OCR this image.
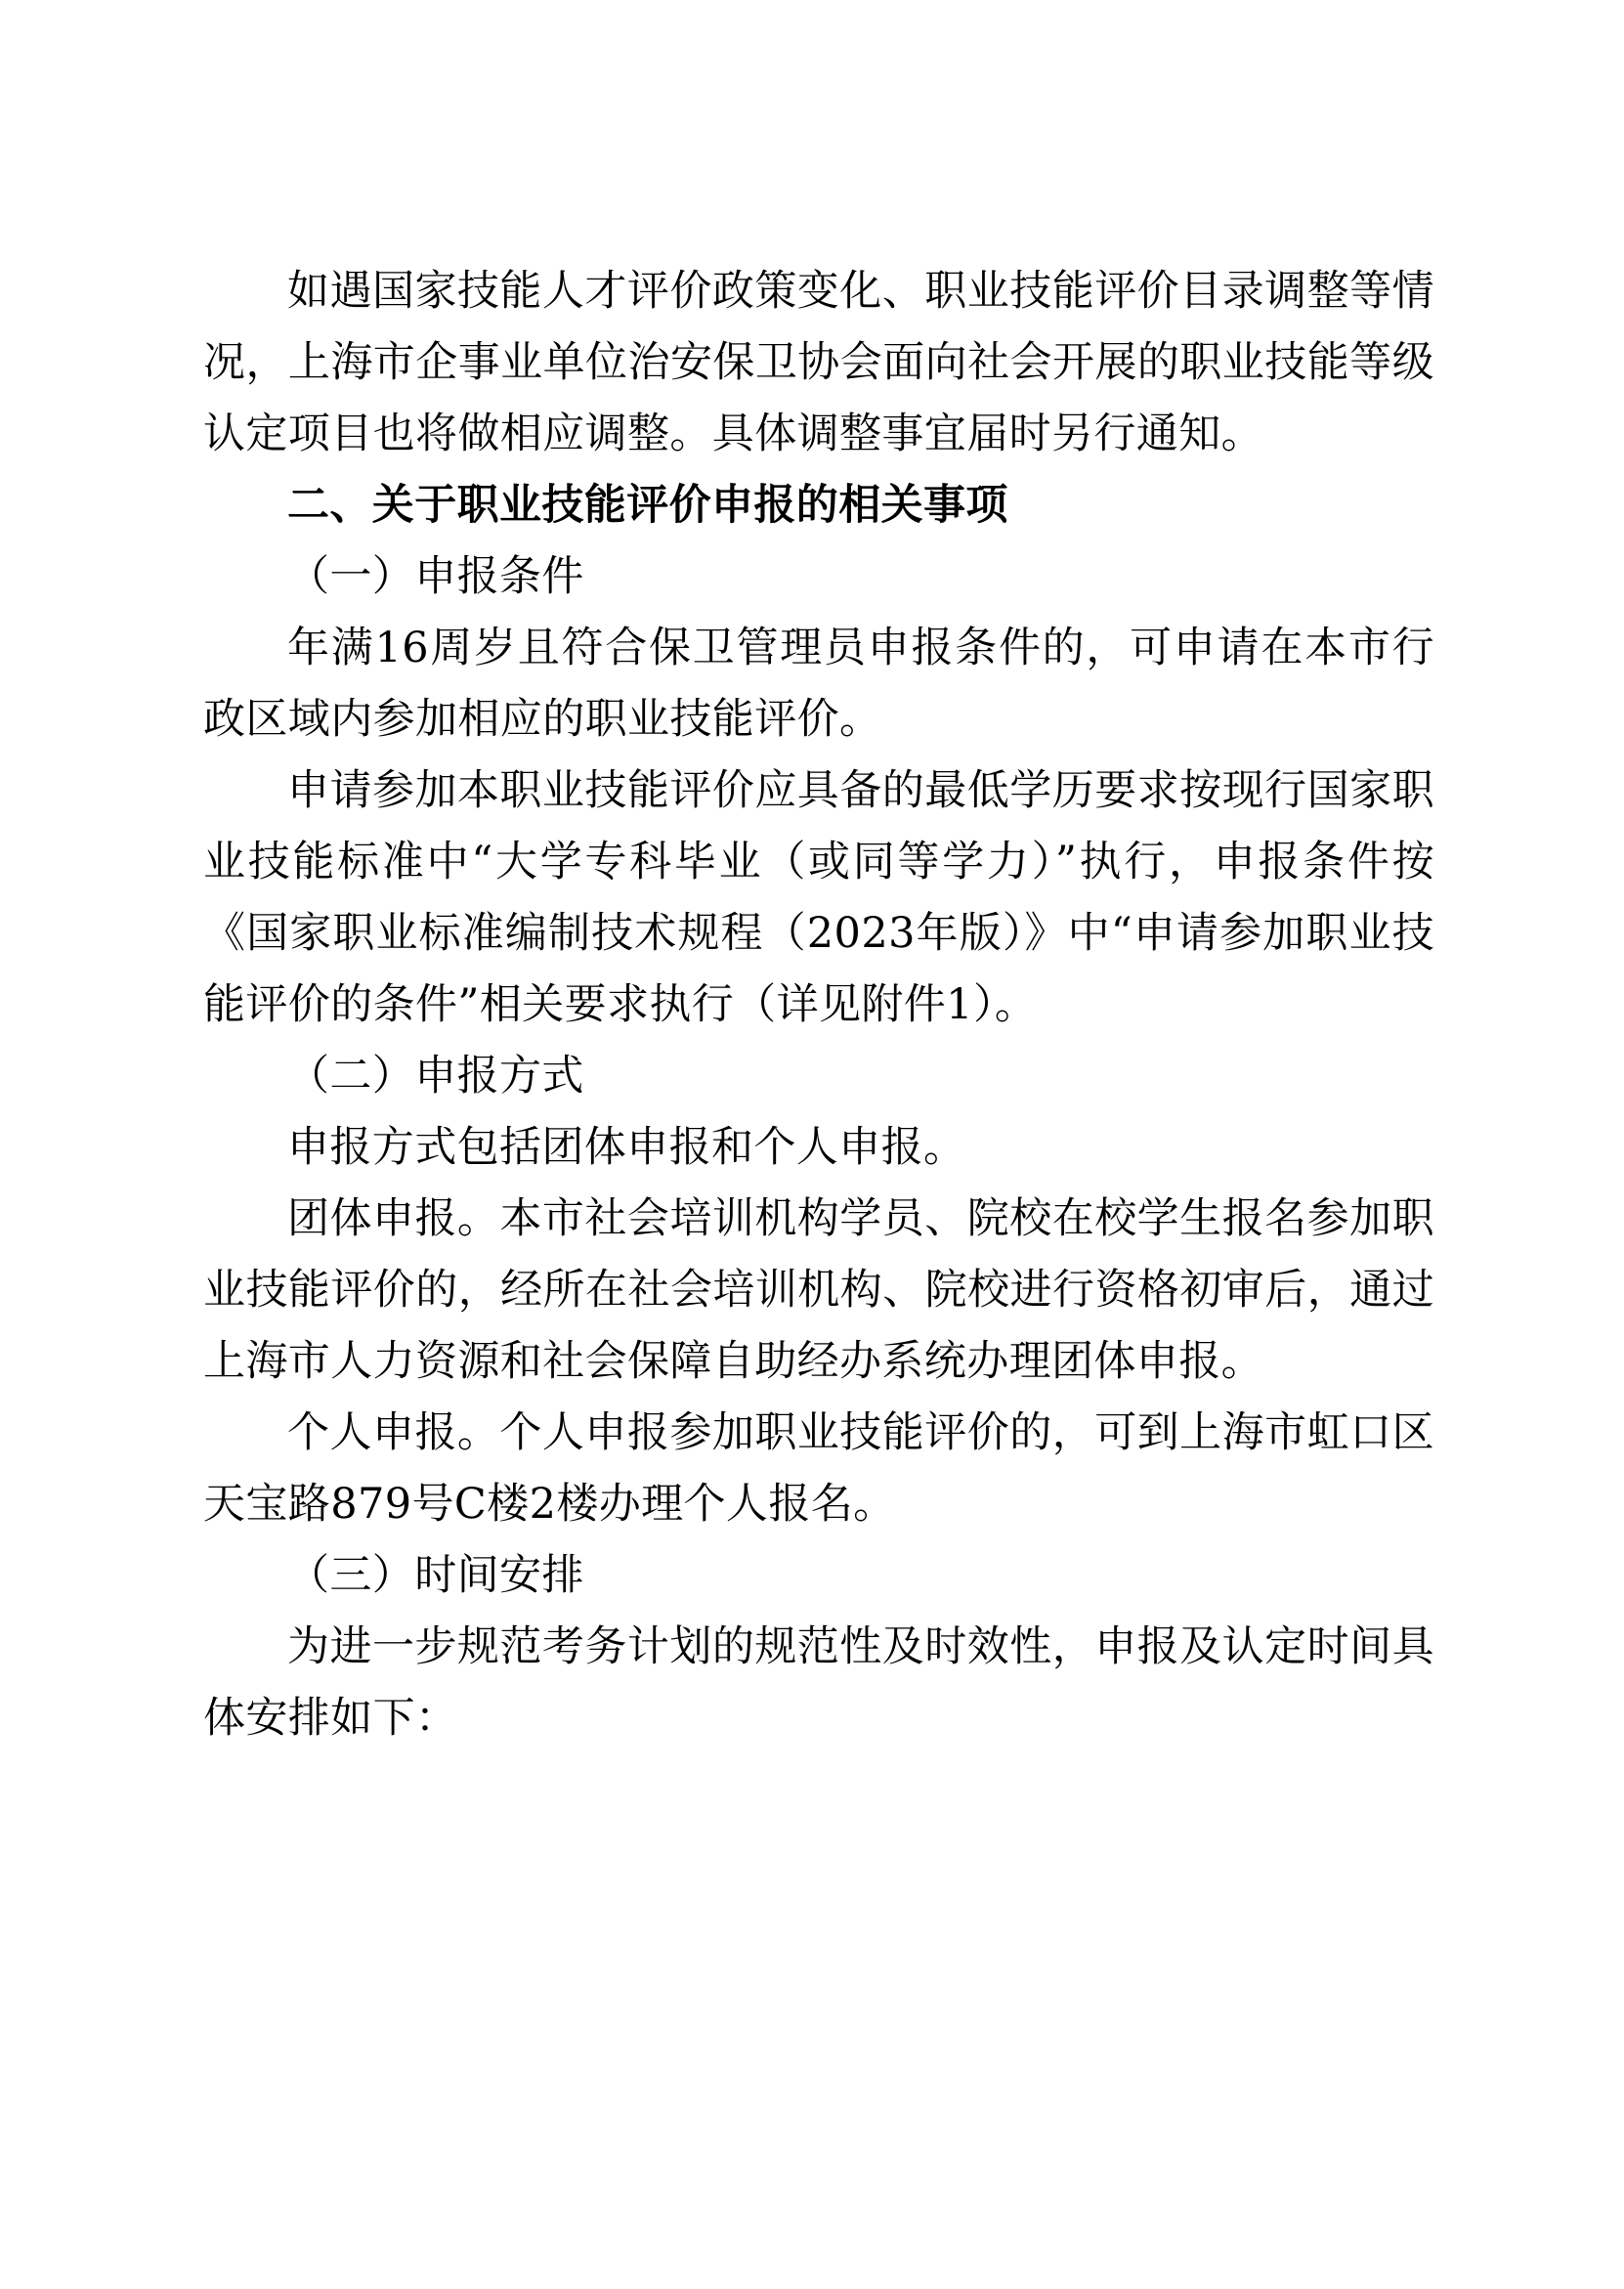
如遇国家技能人才评价政策变化、职业技能评价目录调整等情况，上海市企事业单位治安保卫协会面向社会开展的职业技能等级认定项目也将做相应调整。具体调整事宜届时另行通知。

二、关于职业技能评价申报的相关事项

（一）申报条件

年满16周岁且符合保卫管理员申报条件的，可申请在本市行政区域内参加相应的职业技能评价。

申请参加本职业技能评价应具备的最低学历要求按现行国家职业技能标准中“大学专科毕业（或同等学力）”执行，申报条件按《国家职业标准编制技术规程（2023年版）》中“申请参加职业技能评价的条件”相关要求执行（详见附件1）。

（二）申报方式

申报方式包括团体申报和个人申报。

团体申报。本市社会培训机构学员、院校在校学生报名参加职业技能评价的，经所在社会培训机构、院校进行资格初审后，通过上海市人力资源和社会保障自助经办系统办理团体申报。

个人申报。个人申报参加职业技能评价的，可到上海市虹口区天宝路879号C楼2楼办理个人报名。

（三）时间安排

为进一步规范考务计划的规范性及时效性，申报及认定时间具体安排如下：
